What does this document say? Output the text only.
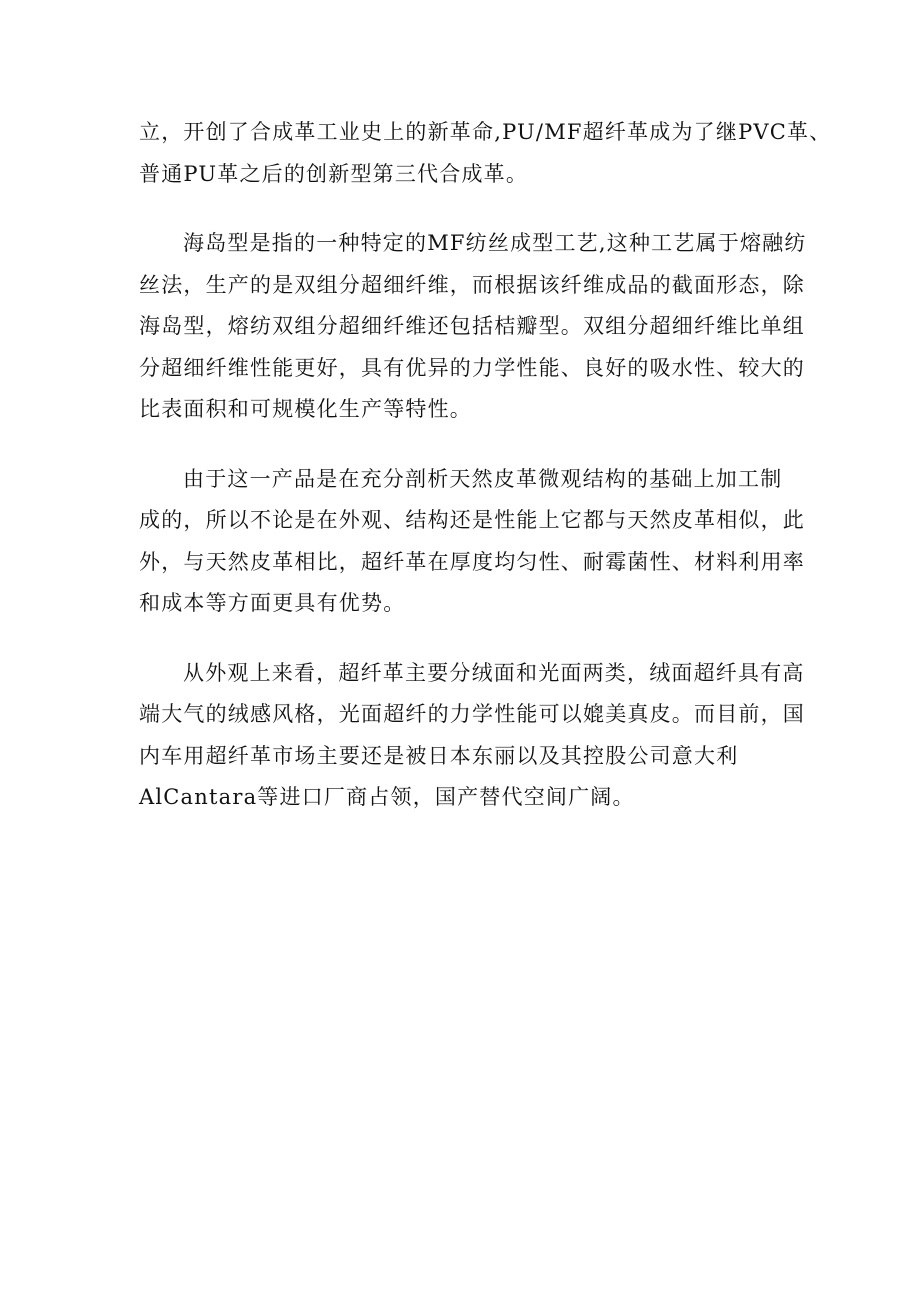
立，开创了合成革工业史上的新革命,PU/MF超纤革成为了继PVC革、
普通PU革之后的创新型第三代合成革。

海岛型是指的一种特定的MF纺丝成型工艺,这种工艺属于熔融纺
丝法，生产的是双组分超细纤维，而根据该纤维成品的截面形态，除
海岛型，熔纺双组分超细纤维还包括桔瓣型。双组分超细纤维比单组
分超细纤维性能更好，具有优异的力学性能、良好的吸水性、较大的
比表面积和可规模化生产等特性。

由于这一产品是在充分剖析天然皮革微观结构的基础上加工制
成的，所以不论是在外观、结构还是性能上它都与天然皮革相似，此
外，与天然皮革相比，超纤革在厚度均匀性、耐霉菌性、材料利用率
和成本等方面更具有优势。

从外观上来看，超纤革主要分绒面和光面两类，绒面超纤具有高
端大气的绒感风格，光面超纤的力学性能可以媲美真皮。而目前，国
内车用超纤革市场主要还是被日本东丽以及其控股公司意大利
AlCantara等进口厂商占领，国产替代空间广阔。
